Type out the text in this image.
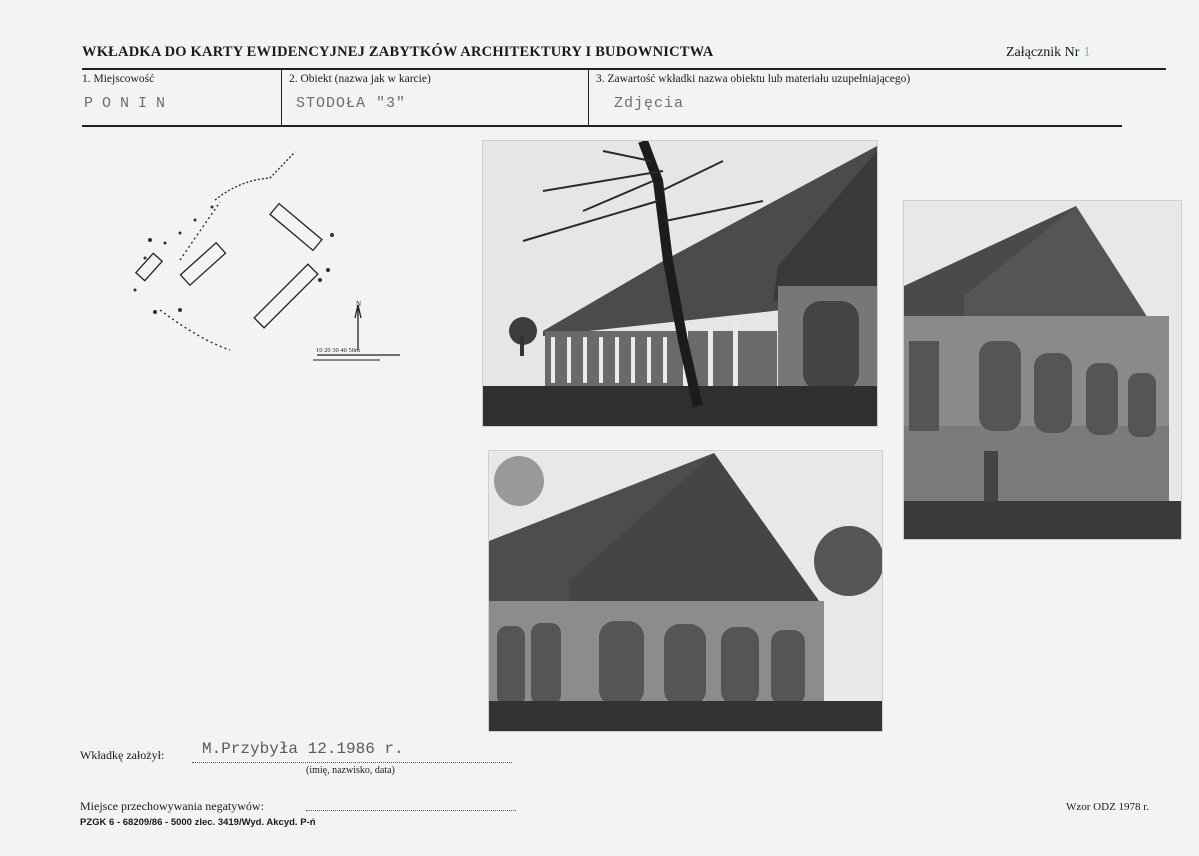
WKŁADKA DO KARTY EWIDENCYJNEJ ZABYTKÓW ARCHITEKTURY I BUDOWNICTWA	Załącznik Nr 1
1. Miejscowość	2. Obiekt (nazwa jak w karcie)	3. Zawartość wkładki nazwa obiektu lub materiału uzupełniającego)
PONIN	STODOŁA "3"	Zdjęcia
N
10 20 30 40 50m
Wkładkę założył: M.Przybyła 12.1986 r.
(imię, nazwisko, data)
Miejsce przechowywania negatywów:
PZGK 6 - 68209/86 - 5000 zlec. 3419/Wyd. Akcyd. P-ń
Wzor ODZ 1978 r.
